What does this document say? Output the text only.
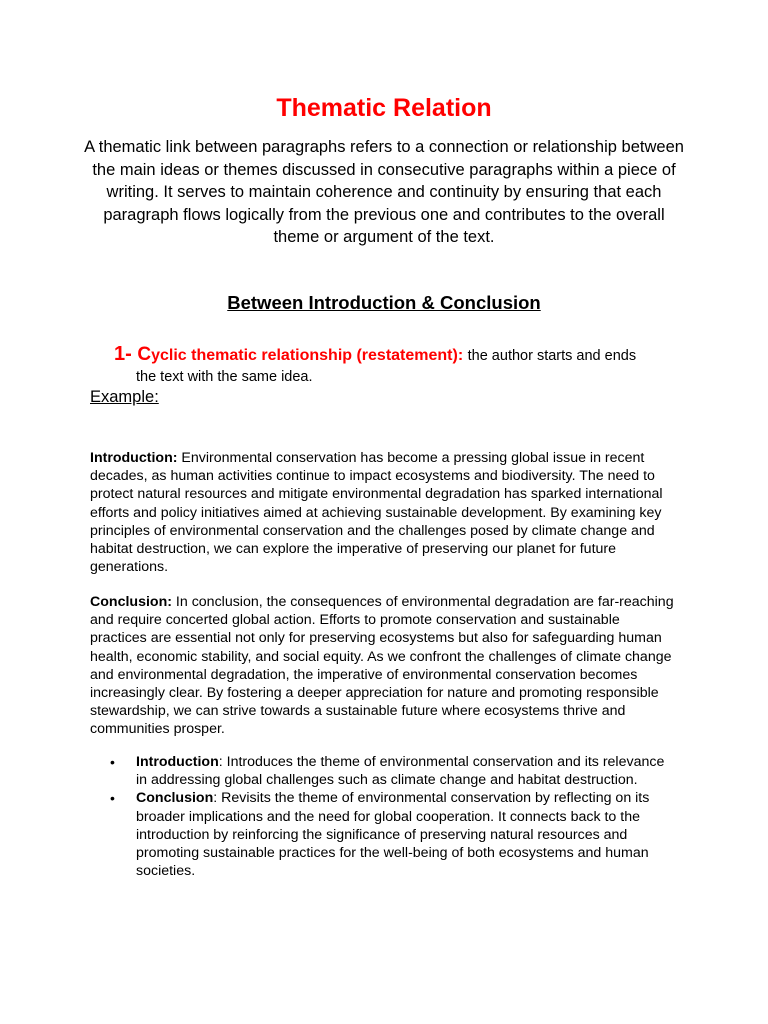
Thematic Relation
A thematic link between paragraphs refers to a connection or relationship between the main ideas or themes discussed in consecutive paragraphs within a piece of writing. It serves to maintain coherence and continuity by ensuring that each paragraph flows logically from the previous one and contributes to the overall theme or argument of the text.
Between Introduction & Conclusion
1- Cyclic thematic relationship (restatement): the author starts and ends
the text with the same idea.
Example:
Introduction: Environmental conservation has become a pressing global issue in recent decades, as human activities continue to impact ecosystems and biodiversity. The need to protect natural resources and mitigate environmental degradation has sparked international efforts and policy initiatives aimed at achieving sustainable development. By examining key principles of environmental conservation and the challenges posed by climate change and habitat destruction, we can explore the imperative of preserving our planet for future generations.
Conclusion: In conclusion, the consequences of environmental degradation are far-reaching and require concerted global action. Efforts to promote conservation and sustainable practices are essential not only for preserving ecosystems but also for safeguarding human health, economic stability, and social equity. As we confront the challenges of climate change and environmental degradation, the imperative of environmental conservation becomes increasingly clear. By fostering a deeper appreciation for nature and promoting responsible stewardship, we can strive towards a sustainable future where ecosystems thrive and communities prosper.
• Introduction: Introduces the theme of environmental conservation and its relevance in addressing global challenges such as climate change and habitat destruction.
• Conclusion: Revisits the theme of environmental conservation by reflecting on its broader implications and the need for global cooperation. It connects back to the introduction by reinforcing the significance of preserving natural resources and promoting sustainable practices for the well-being of both ecosystems and human societies.
